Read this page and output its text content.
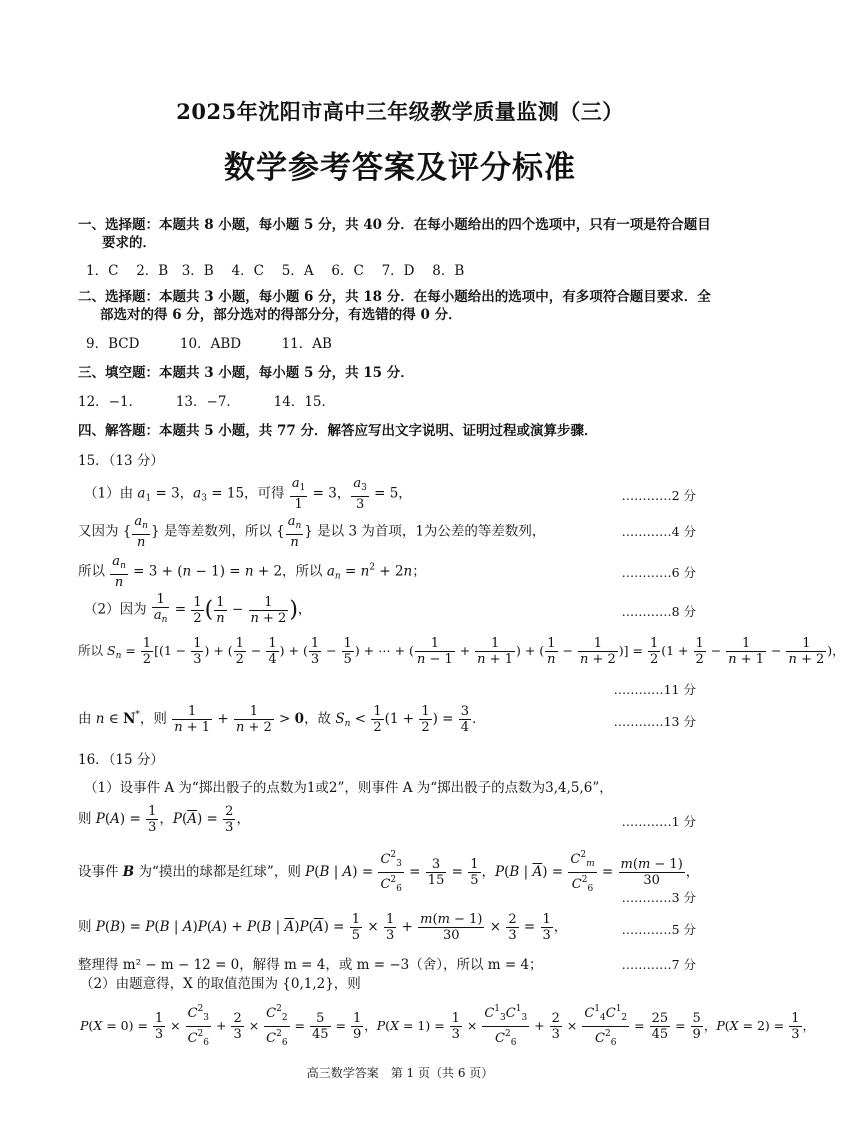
2025年沈阳市高中三年级教学质量监测（三）
数学参考答案及评分标准
一、选择题：本题共 8 小题，每小题 5 分，共 40 分．在每小题给出的四个选项中，只有一项是符合题目
要求的．
1．C　 2．B　3．B　 4．C　 5．A　 6．C　 7．D　 8．B
二、选择题：本题共 3 小题，每小题 6 分，共 18 分．在每小题给出的选项中，有多项符合题目要求．全
部选对的得 6 分，部分选对的得部分分，有选错的得 0 分．
9．BCD　　　10．ABD　　　11．AB
三、填空题：本题共 3 小题，每小题 5 分，共 15 分．
12．−1．　　　13．−7．　　　14．15．
四、解答题：本题共 5 小题，共 77 分．解答应写出文字说明、证明过程或演算步骤．
15．（13 分）
（1）由 $a_1 = 3$，$a_3 = 15$，可得 $\frac{a_1}{1} = 3$， $\frac{a_3}{3} = 5$，	…………2 分
又因为 { $\frac{a_n}{n}$ } 是等差数列，所以 { $\frac{a_n}{n}$ } 是以 3 为首项，1为公差的等差数列，	…………4 分
所以 $\frac{a_n}{n} = 3 + (n - 1) = n + 2$，所以 $a_n = n^2 + 2n$；	…………6 分
（2）因为 $\frac{1}{a_n} = \frac{1}{2}$ ( $\frac{1}{n} - \frac{1}{n + 2}$ )，	…………8 分
所以 $S_n = \frac{1}{2} [(1 - \frac{1}{3}$ ) + ( $\frac{1}{2} - \frac{1}{4}$ ) + ( $\frac{1}{3} - \frac{1}{5}$ ) + ⋯ + ( $\frac{1}{n - 1} + \frac{1}{n + 1}$ ) + ( $\frac{1}{n} - \frac{1}{n + 2}$ )] = $\frac{1}{2} (1 + \frac{1}{2} - \frac{1}{n + 1} - \frac{1}{n + 2}$ )，
…………11 分
由 n ∈ N*，则 $\frac{1}{n + 1} + \frac{1}{n + 2} > 0$，故 $S_n < \frac{1}{2} (1 + \frac{1}{2}$ ) = $\frac{3}{4}$ ．	…………13 分
16．（15 分）
（1）设事件 A 为“掷出骰子的点数为1或2”，则事件 A 为“掷出骰子的点数为3,4,5,6”，
则 $P(A) = \frac{1}{3}$ ，$P(\overline{A}) = \frac{2}{3}$ ，	…………1 分
设事件 B 为“摸出的球都是红球”，则 P(B | $A) = \frac{C^2_3}{C^2_6} = \frac{3}{15} = \frac{1}{5}$ ，P(B | $\overline{A}) = \frac{C^2_m}{C^2_6} = \frac{m(m - 1)}{30}$ ，
…………3 分
则 P(B) = P(B | A)P(A) + P(B | $\overline{A})P(\overline{A}) = \frac{1}{5} \times \frac{1}{3} + \frac{m(m - 1)}{30} \times \frac{2}{3} = \frac{1}{3}$ ，	…………5 分
整理得 m² − m − 12 = 0，解得 m = 4，或 m = −3（舍），所以 m = 4；	…………7 分
（2）由题意得，X 的取值范围为 {0,1,2}，则
$P(X = 0) = \frac{1}{3} \times \frac{C^2_3}{C^2_6} + \frac{2}{3} \times \frac{C^2_2}{C^2_6} = \frac{5}{45} = \frac{1}{9}$ ，$P(X = 1) = \frac{1}{3} \times \frac{C^1_3C^1_3}{C^2_6} + \frac{2}{3} \times \frac{C^1_4C^1_2}{C^2_6} = \frac{25}{45} = \frac{5}{9}$ ，$P(X = 2) = \frac{1}{3}$ ，
高三数学答案　第 1 页（共 6 页）
